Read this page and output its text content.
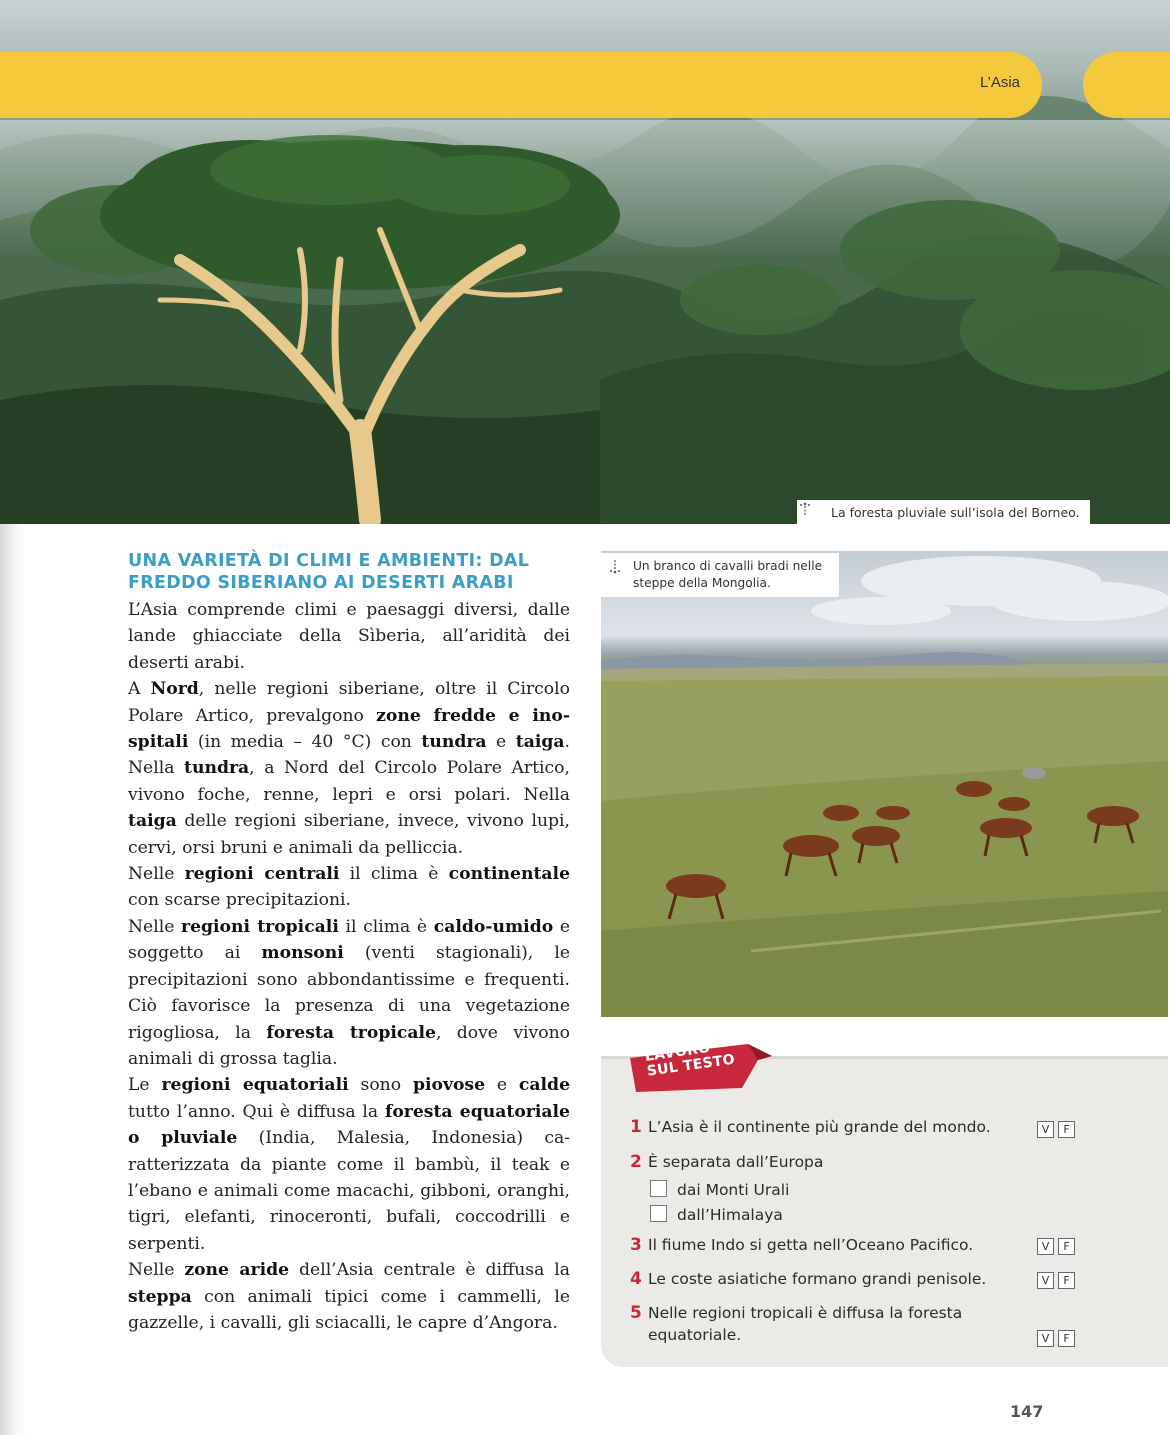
L’Asia
La foresta pluviale sull’isola del Borneo.
UNA VARIETÀ DI CLIMI E AMBIENTI: DAL FREDDO SIBERIANO AI DESERTI ARABI

L’Asia comprende climi e paesaggi diversi, dalle lande ghiacciate della Sìberia, all’aridità dei deserti arabi.

A Nord, nelle regioni siberiane, oltre il Circolo Polare Artico, prevalgono zone fredde e inospitali (in media – 40 °C) con tundra e taiga. Nella tundra, a Nord del Circolo Polare Artico, vivono foche, renne, lepri e orsi polari. Nella taiga delle regioni siberiane, invece, vivono lupi, cervi, orsi bruni e animali da pelliccia.

Nelle regioni centrali il clima è continentale con scarse precipitazioni.

Nelle regioni tropicali il clima è caldo-umido e soggetto ai monsoni (venti stagionali), le precipitazioni sono abbondantissime e frequenti. Ciò favorisce la presenza di una vegetazione rigogliosa, la foresta tropicale, dove vivono animali di grossa taglia.

Le regioni equatoriali sono piovose e calde tutto l’anno. Qui è diffusa la foresta equatoriale o pluviale (India, Malesia, Indonesia) caratterizzata da piante come il bambù, il teak e l’ebano e animali come macachi, gibboni, oranghi, tigri, elefanti, rinoceronti, bufali, coccodrilli e serpenti.

Nelle zone aride dell’Asia centrale è diffusa la steppa con animali tipici come i cammelli, le gazzelle, i cavalli, gli sciacalli, le capre d’Angora.

Un branco di cavalli bradi nelle steppe della Mongolia.
LAVORO SUL TESTO
1 L’Asia è il continente più grande del mondo.	V F
2 È separata dall’Europa
dai Monti Urali
dall’Himalaya
3 Il fiume Indo si getta nell’Oceano Pacifico.	V F
4 Le coste asiatiche formano grandi penisole.	V F
5 Nelle regioni tropicali è diffusa la foresta equatoriale.	V F
147
